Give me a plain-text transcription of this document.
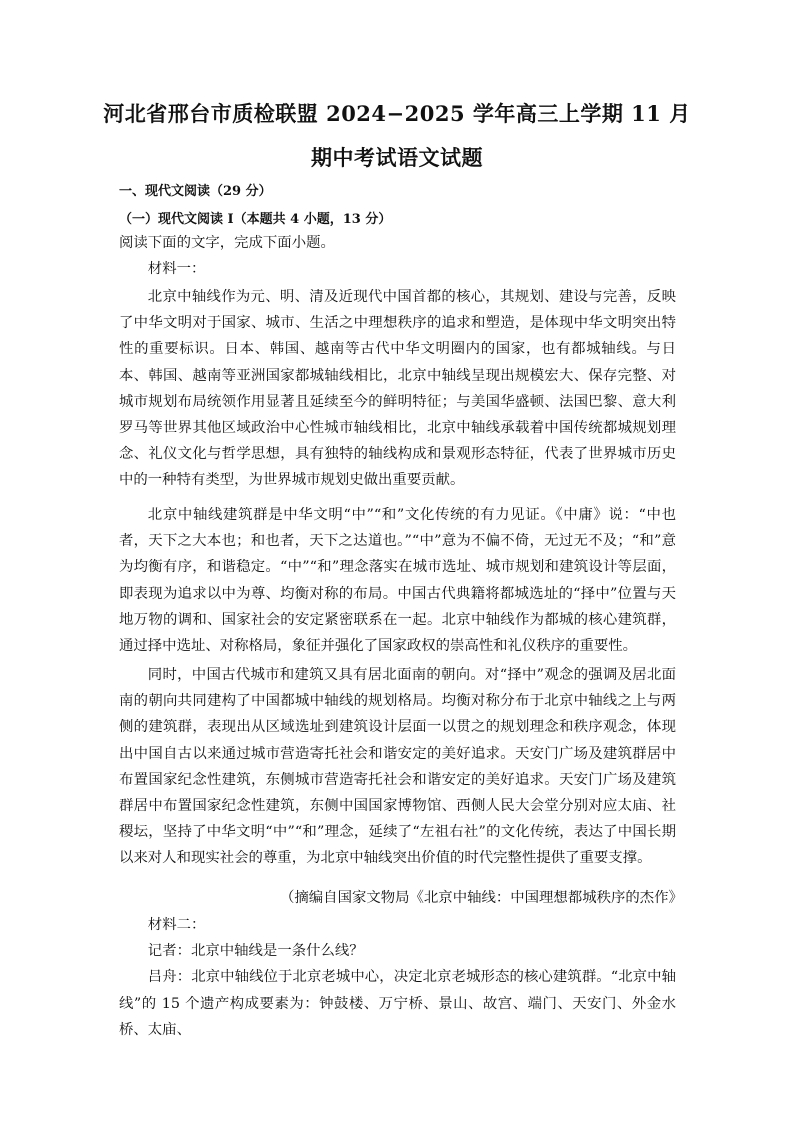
河北省邢台市质检联盟 2024−2025 学年高三上学期 11 月
期中考试语文试题
一、现代文阅读（29 分）
（一）现代文阅读 I（本题共 4 小题，13 分）

阅读下面的文字，完成下面小题。

材料一：

北京中轴线作为元、明、清及近现代中国首都的核心，其规划、建设与完善，反映了中华文明对于国家、城市、生活之中理想秩序的追求和塑造，是体现中华文明突出特性的重要标识。日本、韩国、越南等古代中华文明圈内的国家，也有都城轴线。与日本、韩国、越南等亚洲国家都城轴线相比，北京中轴线呈现出规模宏大、保存完整、对城市规划布局统领作用显著且延续至今的鲜明特征；与美国华盛顿、法国巴黎、意大利罗马等世界其他区域政治中心性城市轴线相比，北京中轴线承载着中国传统都城规划理念、礼仪文化与哲学思想，具有独特的轴线构成和景观形态特征，代表了世界城市历史中的一种特有类型，为世界城市规划史做出重要贡献。

北京中轴线建筑群是中华文明“中”“和”文化传统的有力见证。《中庸》说：“中也者，天下之大本也；和也者，天下之达道也。”“中”意为不偏不倚，无过无不及；“和”意为均衡有序，和谐稳定。“中”“和”理念落实在城市选址、城市规划和建筑设计等层面，即表现为追求以中为尊、均衡对称的布局。中国古代典籍将都城选址的“择中”位置与天地万物的调和、国家社会的安定紧密联系在一起。北京中轴线作为都城的核心建筑群，通过择中选址、对称格局，象征并强化了国家政权的崇高性和礼仪秩序的重要性。

同时，中国古代城市和建筑又具有居北面南的朝向。对“择中”观念的强调及居北面南的朝向共同建构了中国都城中轴线的规划格局。均衡对称分布于北京中轴线之上与两侧的建筑群，表现出从区域选址到建筑设计层面一以贯之的规划理念和秩序观念，体现出中国自古以来通过城市营造寄托社会和谐安定的美好追求。天安门广场及建筑群居中布置国家纪念性建筑，东侧城市营造寄托社会和谐安定的美好追求。天安门广场及建筑群居中布置国家纪念性建筑，东侧中国国家博物馆、西侧人民大会堂分别对应太庙、社稷坛，坚持了中华文明“中”“和”理念，延续了“左祖右社”的文化传统，表达了中国长期以来对人和现实社会的尊重，为北京中轴线突出价值的时代完整性提供了重要支撑。

（摘编自国家文物局《北京中轴线：中国理想都城秩序的杰作》

材料二：

记者：北京中轴线是一条什么线？

吕舟：北京中轴线位于北京老城中心，决定北京老城形态的核心建筑群。“北京中轴线”的 15 个遗产构成要素为：钟鼓楼、万宁桥、景山、故宫、端门、天安门、外金水桥、太庙、
